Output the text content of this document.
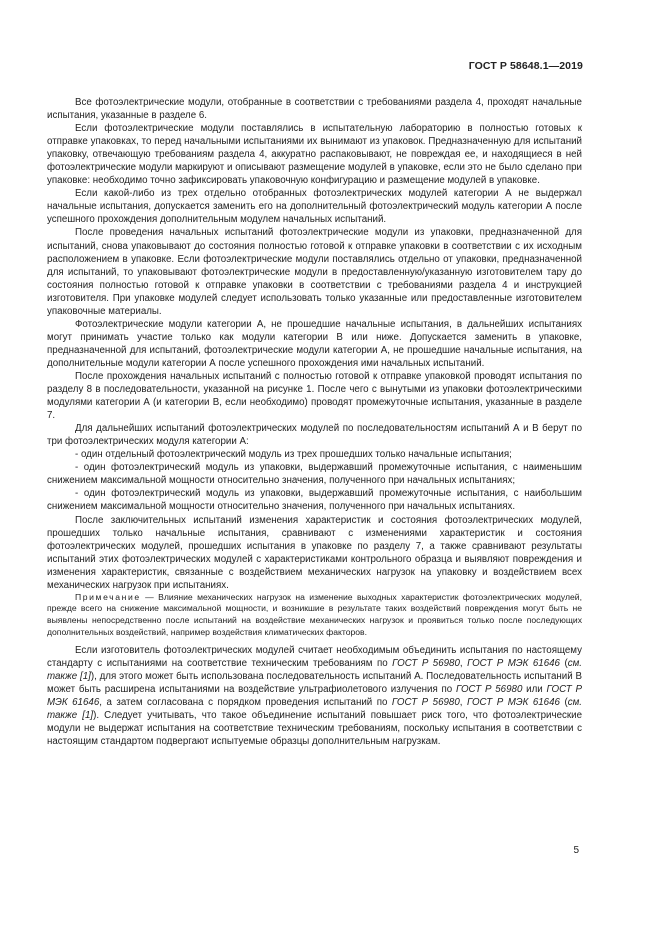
ГОСТ Р 58648.1—2019

Все фотоэлектрические модули, отобранные в соответствии с требованиями раздела 4, проходят начальные испытания, указанные в разделе 6.

Если фотоэлектрические модули поставлялись в испытательную лабораторию в полностью готовых к отправке упаковках, то перед начальными испытаниями их вынимают из упаковок. Предназначенную для испытаний упаковку, отвечающую требованиям раздела 4, аккуратно распаковывают, не повреждая ее, и находящиеся в ней фотоэлектрические модули маркируют и описывают размещение модулей в упаковке, если это не было сделано при упаковке: необходимо точно зафиксировать упаковочную конфигурацию и размещение модулей в упаковке.

Если какой-либо из трех отдельно отобранных фотоэлектрических модулей категории А не выдержал начальные испытания, допускается заменить его на дополнительный фотоэлектрический модуль категории А после успешного прохождения дополнительным модулем начальных испытаний.

После проведения начальных испытаний фотоэлектрические модули из упаковки, предназначенной для испытаний, снова упаковывают до состояния полностью готовой к отправке упаковки в соответствии с их исходным расположением в упаковке. Если фотоэлектрические модули поставлялись отдельно от упаковки, предназначенной для испытаний, то упаковывают фотоэлектрические модули в предоставленную/указанную изготовителем тару до состояния полностью готовой к отправке упаковки в соответствии с требованиями раздела 4 и инструкцией изготовителя. При упаковке модулей следует использовать только указанные или предоставленные изготовителем упаковочные материалы.

Фотоэлектрические модули категории А, не прошедшие начальные испытания, в дальнейших испытаниях могут принимать участие только как модули категории В или ниже. Допускается заменить в упаковке, предназначенной для испытаний, фотоэлектрические модули категории А, не прошедшие начальные испытания, на дополнительные модули категории А после успешного прохождения ими начальных испытаний.

После прохождения начальных испытаний с полностью готовой к отправке упаковкой проводят испытания по разделу 8 в последовательности, указанной на рисунке 1. После чего с вынутыми из упаковки фотоэлектрическими модулями категории А (и категории В, если необходимо) проводят промежуточные испытания, указанные в разделе 7.

Для дальнейших испытаний фотоэлектрических модулей по последовательностям испытаний А и В берут по три фотоэлектрических модуля категории А:

- один отдельный фотоэлектрический модуль из трех прошедших только начальные испытания;

- один фотоэлектрический модуль из упаковки, выдержавший промежуточные испытания, с наименьшим снижением максимальной мощности относительно значения, полученного при начальных испытаниях;

- один фотоэлектрический модуль из упаковки, выдержавший промежуточные испытания, с наибольшим снижением максимальной мощности относительно значения, полученного при начальных испытаниях.

После заключительных испытаний изменения характеристик и состояния фотоэлектрических модулей, прошедших только начальные испытания, сравнивают с изменениями характеристик и состояния фотоэлектрических модулей, прошедших испытания в упаковке по разделу 7, а также сравнивают результаты испытаний этих фотоэлектрических модулей с характеристиками контрольного образца и выявляют повреждения и изменения характеристик, связанные с воздействием механических нагрузок на упаковку и воздействием всех механических нагрузок при испытаниях.

Примечание — Влияние механических нагрузок на изменение выходных характеристик фотоэлектрических модулей, прежде всего на снижение максимальной мощности, и возникшие в результате таких воздействий повреждения могут быть не выявлены непосредственно после испытаний на воздействие механических нагрузок и проявиться только после последующих дополнительных воздействий, например воздействия климатических факторов.

Если изготовитель фотоэлектрических модулей считает необходимым объединить испытания по настоящему стандарту с испытаниями на соответствие техническим требованиям по ГОСТ Р 56980, ГОСТ Р МЭК 61646 (см. также [1]), для этого может быть использована последовательность испытаний А. Последовательность испытаний В может быть расширена испытаниями на воздействие ультрафиолетового излучения по ГОСТ Р 56980 или ГОСТ Р МЭК 61646, а затем согласована с порядком проведения испытаний по ГОСТ Р 56980, ГОСТ Р МЭК 61646 (см. также [1]). Следует учитывать, что такое объединение испытаний повышает риск того, что фотоэлектрические модули не выдержат испытания на соответствие техническим требованиям, поскольку испытания в соответствии с настоящим стандартом подвергают испытуемые образцы дополнительным нагрузкам.

5
